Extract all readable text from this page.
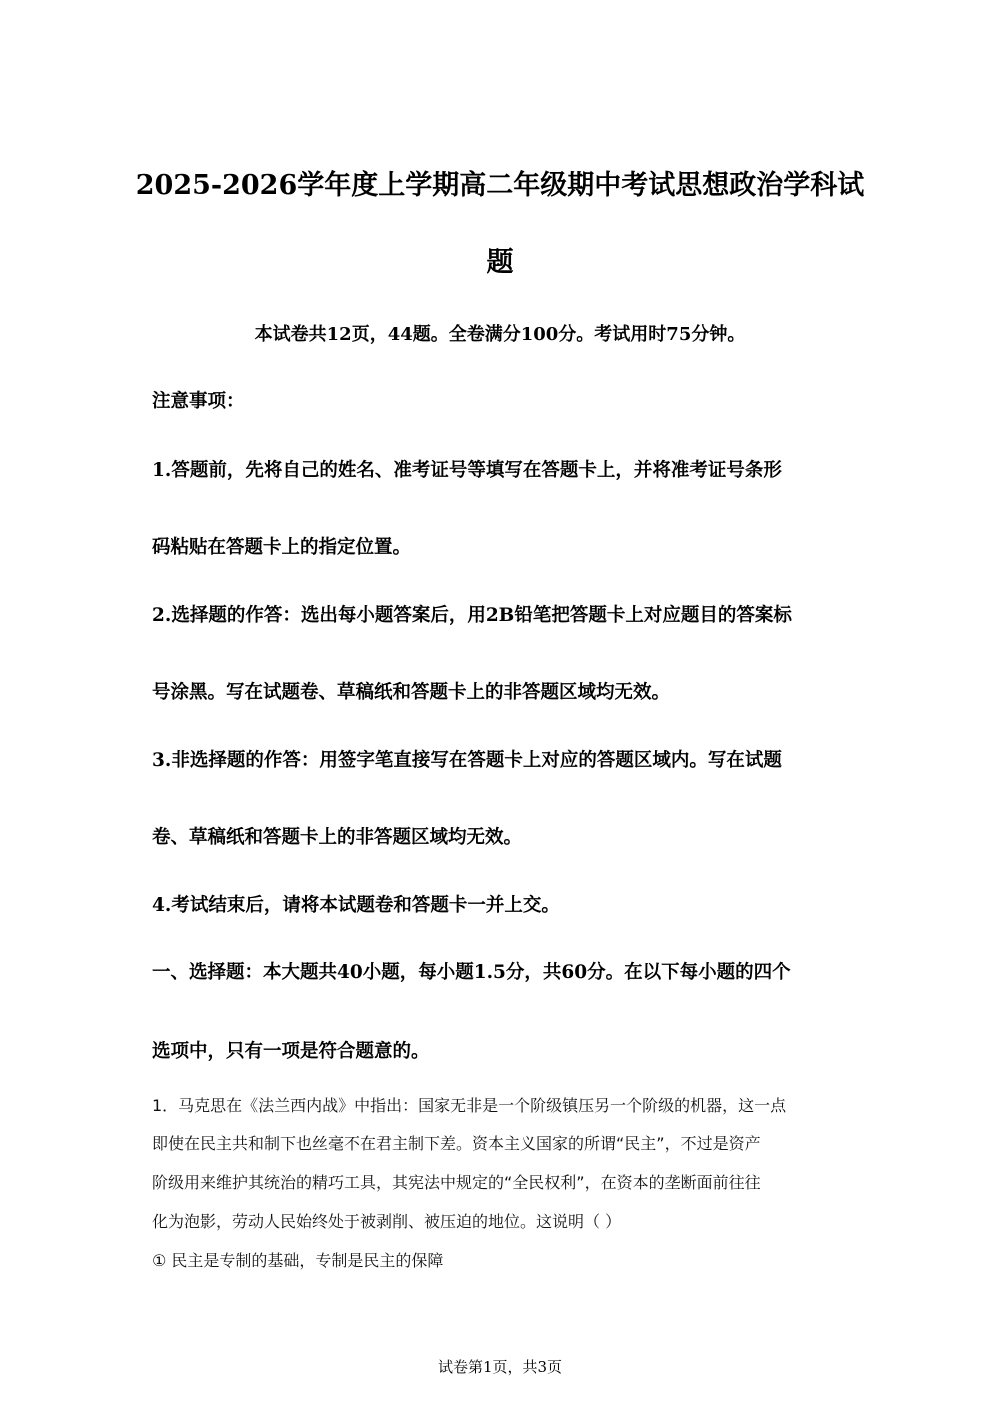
2025-2026学年度上学期高二年级期中考试思想政治学科试
题
本试卷共12页，44题。全卷满分100分。考试用时75分钟。
注意事项：
1.答题前，先将自己的姓名、准考证号等填写在答题卡上，并将准考证号条形
码粘贴在答题卡上的指定位置。
2.选择题的作答：选出每小题答案后，用2B铅笔把答题卡上对应题目的答案标
号涂黑。写在试题卷、草稿纸和答题卡上的非答题区域均无效。
3.非选择题的作答：用签字笔直接写在答题卡上对应的答题区域内。写在试题
卷、草稿纸和答题卡上的非答题区域均无效。
4.考试结束后，请将本试题卷和答题卡一并上交。
一、选择题：本大题共40小题，每小题1.5分，共60分。在以下每小题的四个
选项中，只有一项是符合题意的。
1．马克思在《法兰西内战》中指出：国家无非是一个阶级镇压另一个阶级的机器，这一点
即使在民主共和制下也丝毫不在君主制下差。资本主义国家的所谓“民主”，不过是资产
阶级用来维护其统治的精巧工具，其宪法中规定的“全民权利”，在资本的垄断面前往往
化为泡影，劳动人民始终处于被剥削、被压迫的地位。这说明（ ）
① 民主是专制的基础，专制是民主的保障
试卷第1页，共3页
